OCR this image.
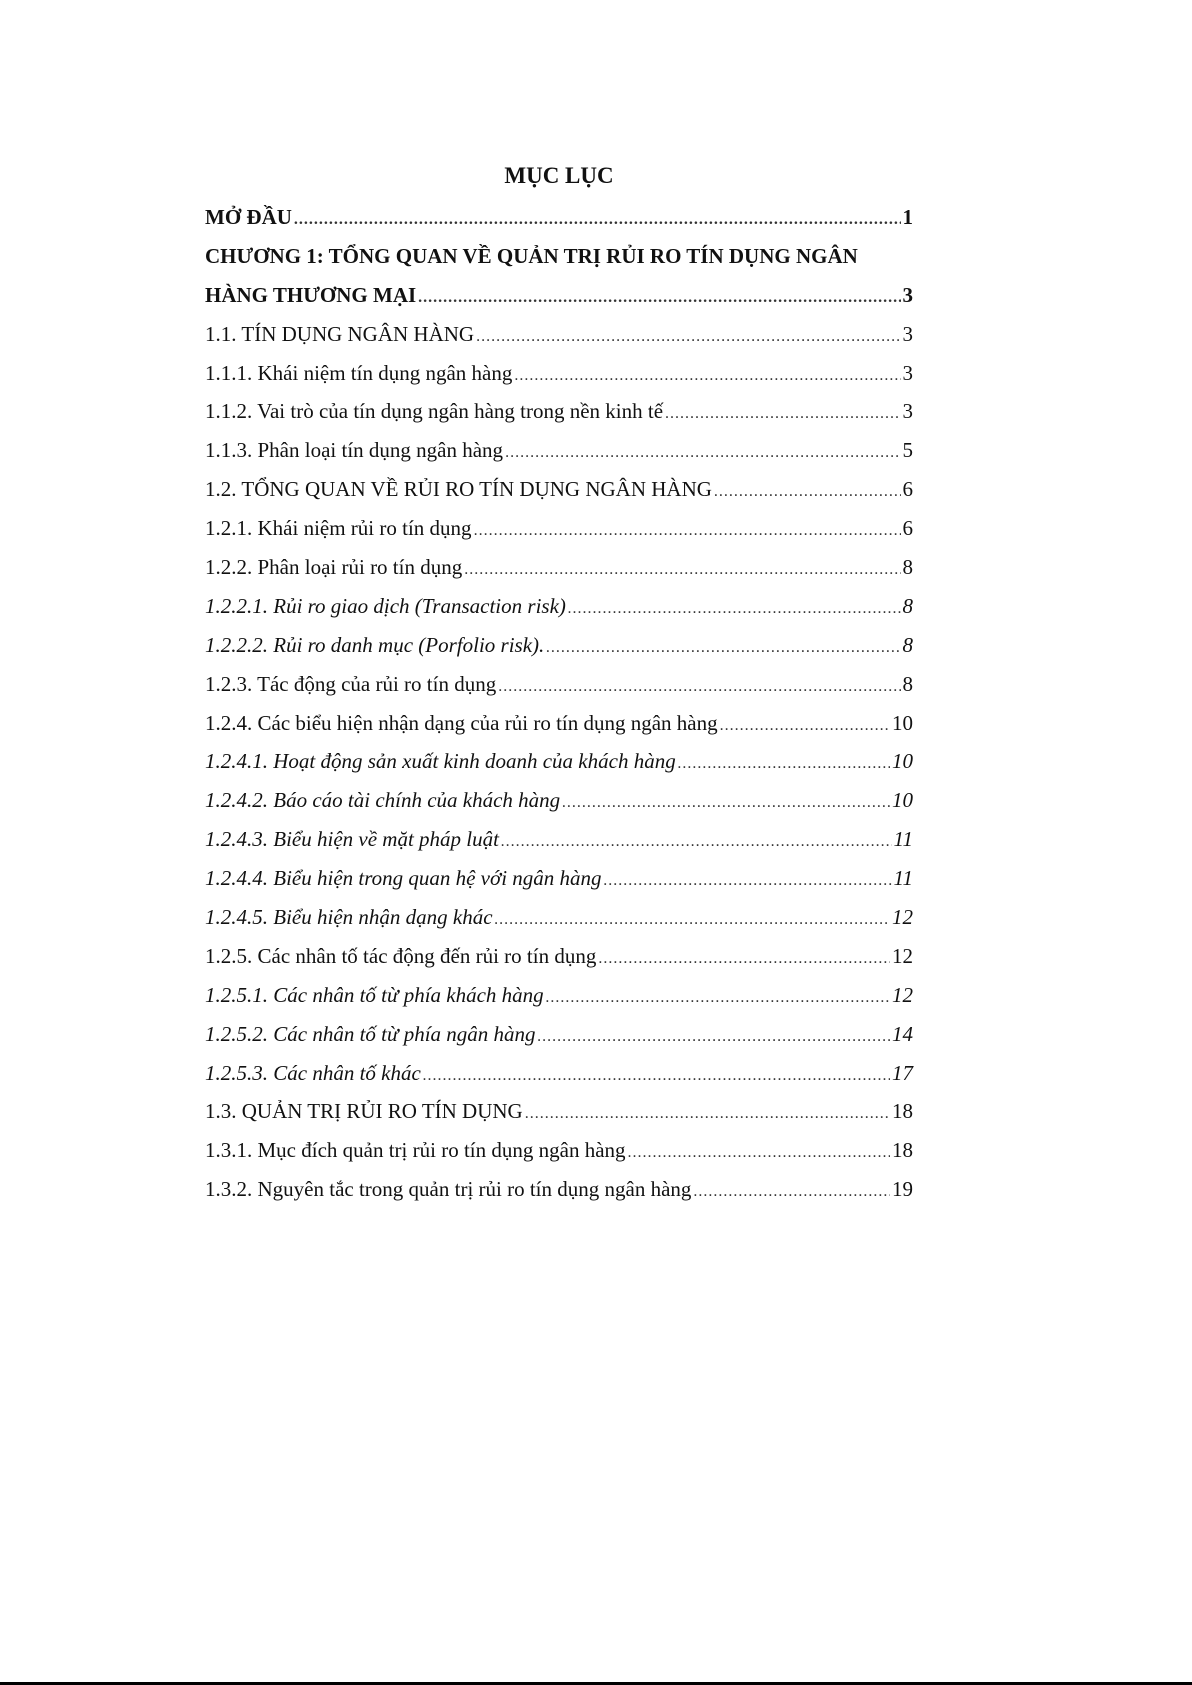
MỤC LỤC
MỞ ĐẦU .....	1
CHƯƠNG 1: TỔNG QUAN VỀ QUẢN TRỊ RỦI RO TÍN DỤNG NGÂN
HÀNG THƯƠNG MẠI .....	3
1.1. TÍN DỤNG NGÂN HÀNG .....	3
1.1.1. Khái niệm tín dụng ngân hàng .....	3
1.1.2. Vai trò của tín dụng ngân hàng trong nền kinh tế .....	3
1.1.3. Phân loại tín dụng ngân hàng .....	5
1.2. TỔNG QUAN VỀ RỦI RO TÍN DỤNG NGÂN HÀNG .....	6
1.2.1. Khái niệm rủi ro tín dụng .....	6
1.2.2. Phân loại rủi ro tín dụng .....	8
1.2.2.1. Rủi ro giao dịch (Transaction risk) .....	8
1.2.2.2. Rủi ro danh mục (Porfolio risk). .....	8
1.2.3. Tác động của rủi ro tín dụng .....	8
1.2.4. Các biểu hiện nhận dạng của rủi ro tín dụng ngân hàng .....	10
1.2.4.1. Hoạt động sản xuất kinh doanh của khách hàng .....	10
1.2.4.2. Báo cáo tài chính của khách hàng .....	10
1.2.4.3. Biểu hiện về mặt pháp luật .....	11
1.2.4.4. Biểu hiện trong quan hệ với ngân hàng .....	11
1.2.4.5. Biểu hiện nhận dạng khác .....	12
1.2.5. Các nhân tố tác động đến rủi ro tín dụng .....	12
1.2.5.1. Các nhân tố từ phía khách hàng .....	12
1.2.5.2. Các nhân tố từ phía ngân hàng .....	14
1.2.5.3. Các nhân tố khác .....	17
1.3. QUẢN TRỊ RỦI RO TÍN DỤNG .....	18
1.3.1. Mục đích quản trị rủi ro tín dụng ngân hàng .....	18
1.3.2. Nguyên tắc trong quản trị rủi ro tín dụng ngân hàng .....	19
